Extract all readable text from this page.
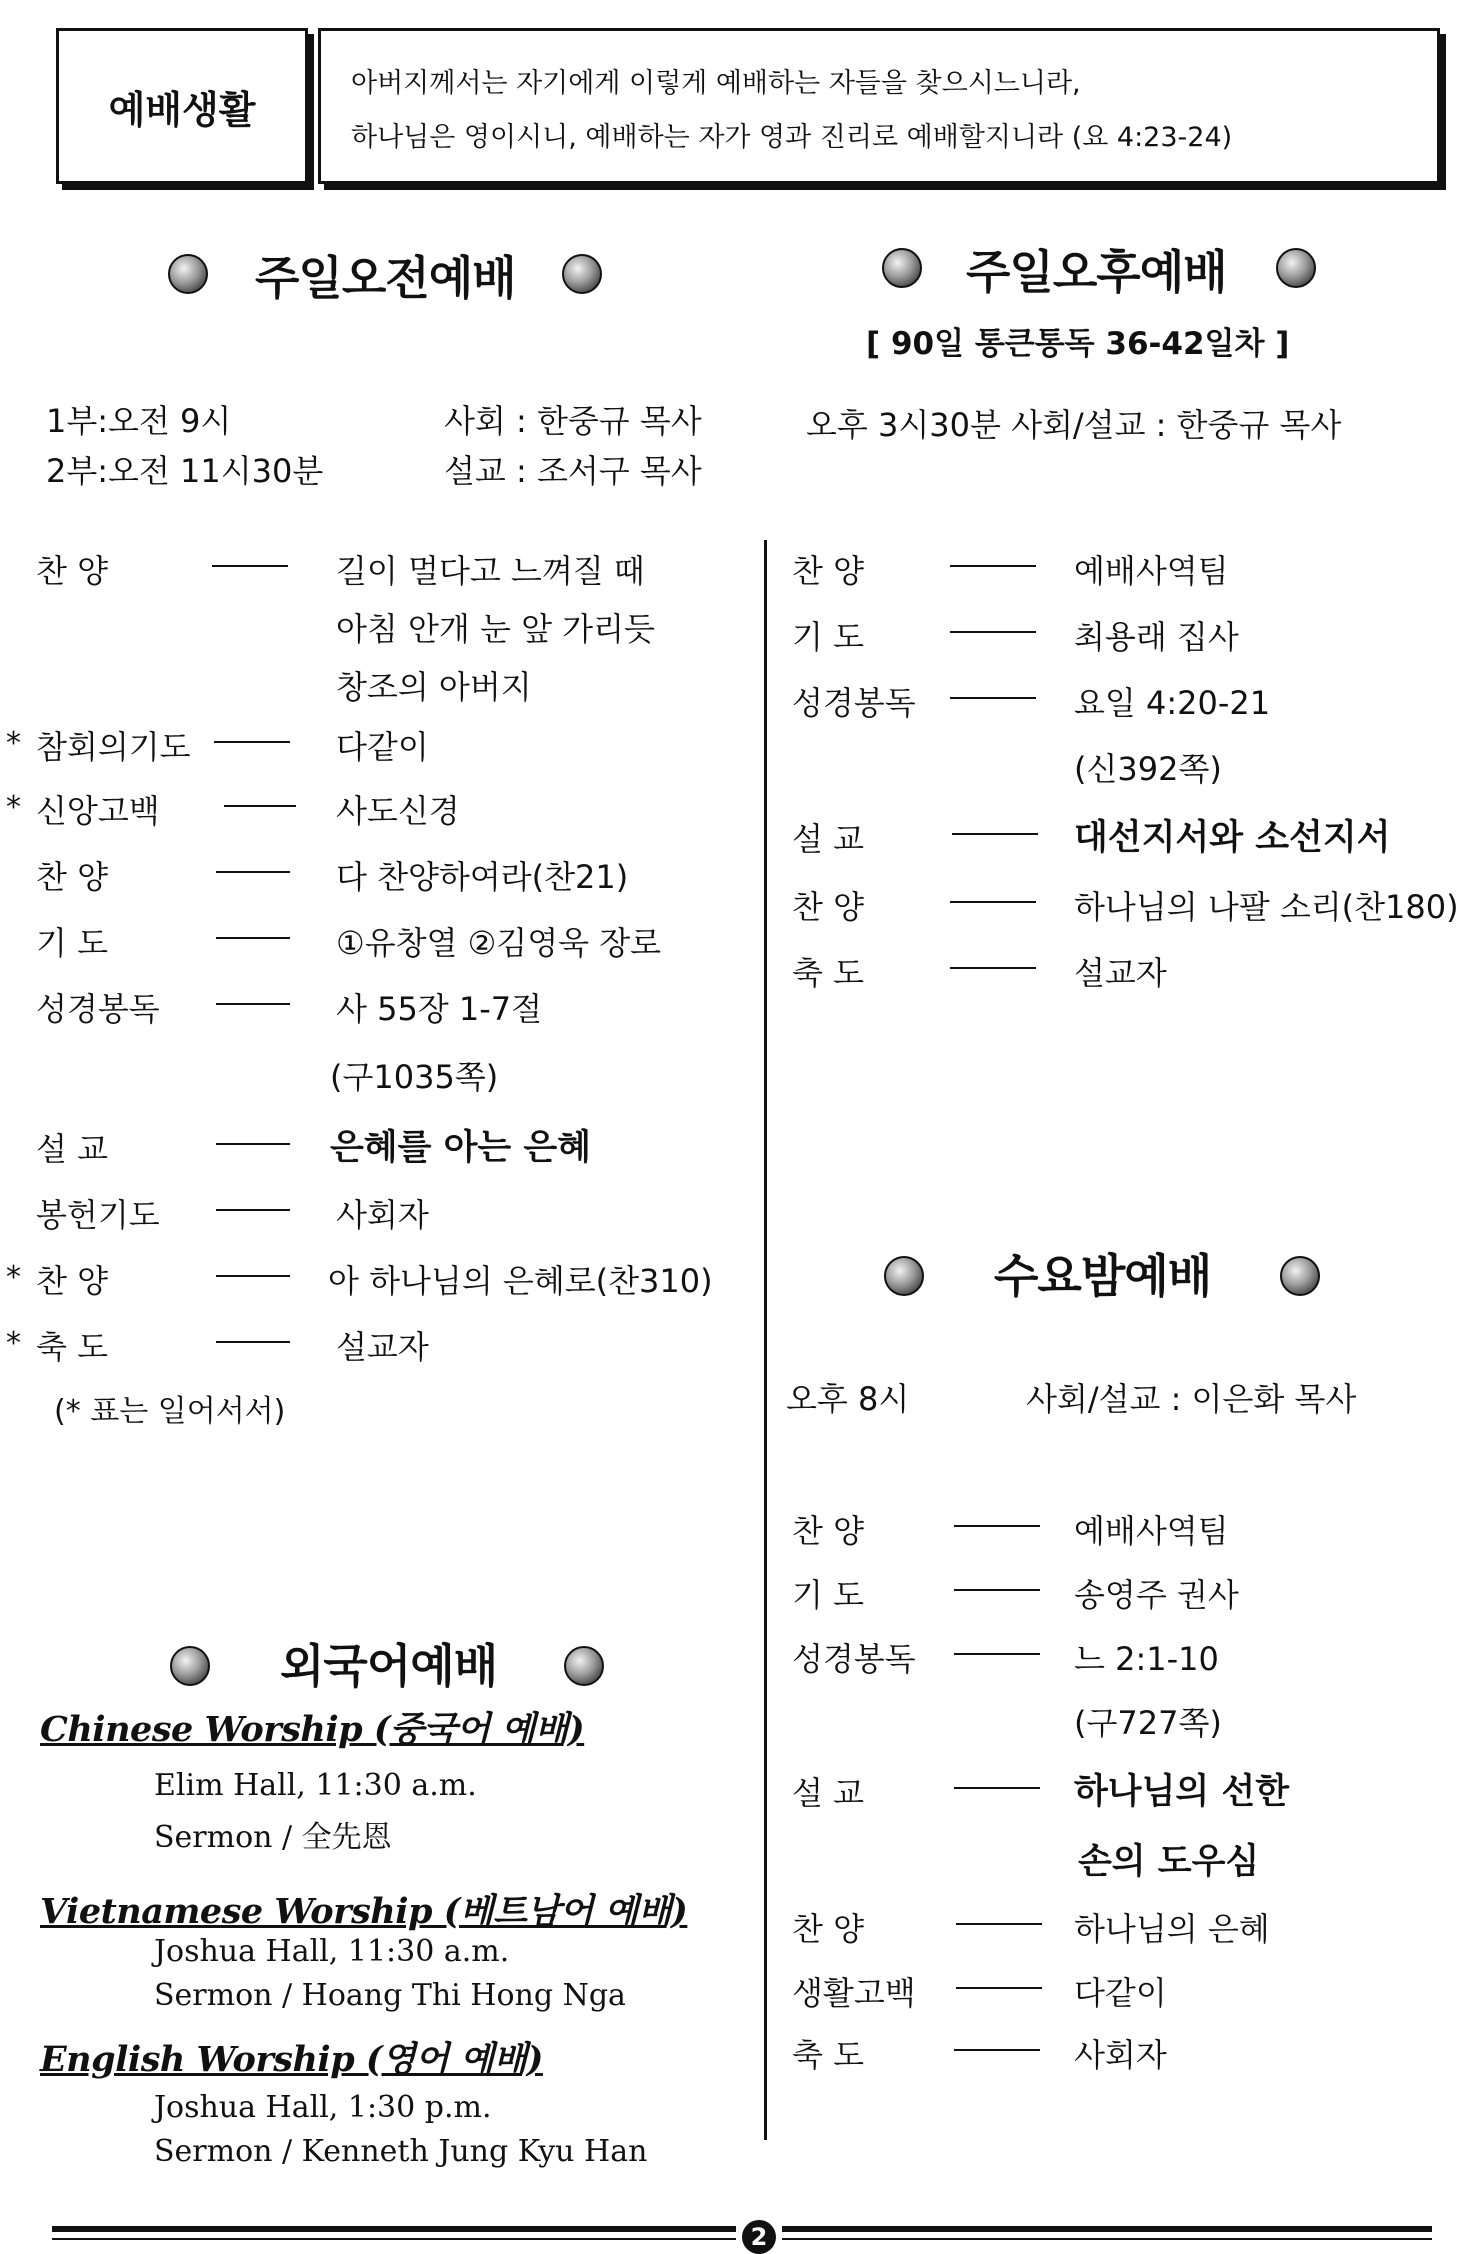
예배생활
아버지께서는 자기에게 이렇게 예배하는 자들을 찾으시느니라,
하나님은 영이시니, 예배하는 자가 영과 진리로 예배할지니라 (요 4:23-24)
주일오전예배
1부:오전 9시
2부:오전 11시30분
사회 : 한중규 목사
설교 : 조서구 목사
찬 양	길이 멀다고 느껴질 때
아침 안개 눈 앞 가리듯
창조의 아버지
* 참회의기도	다같이
* 신앙고백	사도신경
찬 양	다 찬양하여라(찬21)
기 도	①유창열 ②김영욱 장로
성경봉독	사 55장 1-7절
(구1035쪽)
설 교	은혜를 아는 은혜
봉헌기도	사회자
* 찬 양	아 하나님의 은혜로(찬310)
* 축 도	설교자
(* 표는 일어서서)
주일오후예배
[ 90일 통큰통독 36-42일차 ]
오후 3시30분 사회/설교 : 한중규 목사
찬 양	예배사역팀
기 도	최용래 집사
성경봉독	요일 4:20-21
(신392쪽)
설 교	대선지서와 소선지서
찬 양	하나님의 나팔 소리(찬180)
축 도	설교자
수요밤예배
오후 8시	사회/설교 : 이은화 목사
찬 양	예배사역팀
기 도	송영주 권사
성경봉독	느 2:1-10
(구727쪽)
설 교	하나님의 선한
손의 도우심
찬 양	하나님의 은혜
생활고백	다같이
축 도	사회자
외국어예배
Chinese Worship (중국어 예배)
Elim Hall, 11:30 a.m.
Sermon / 全先恩
Vietnamese Worship (베트남어 예배)
Joshua Hall, 11:30 a.m.
Sermon / Hoang Thi Hong Nga
English Worship (영어 예배)
Joshua Hall, 1:30 p.m.
Sermon / Kenneth Jung Kyu Han
2
